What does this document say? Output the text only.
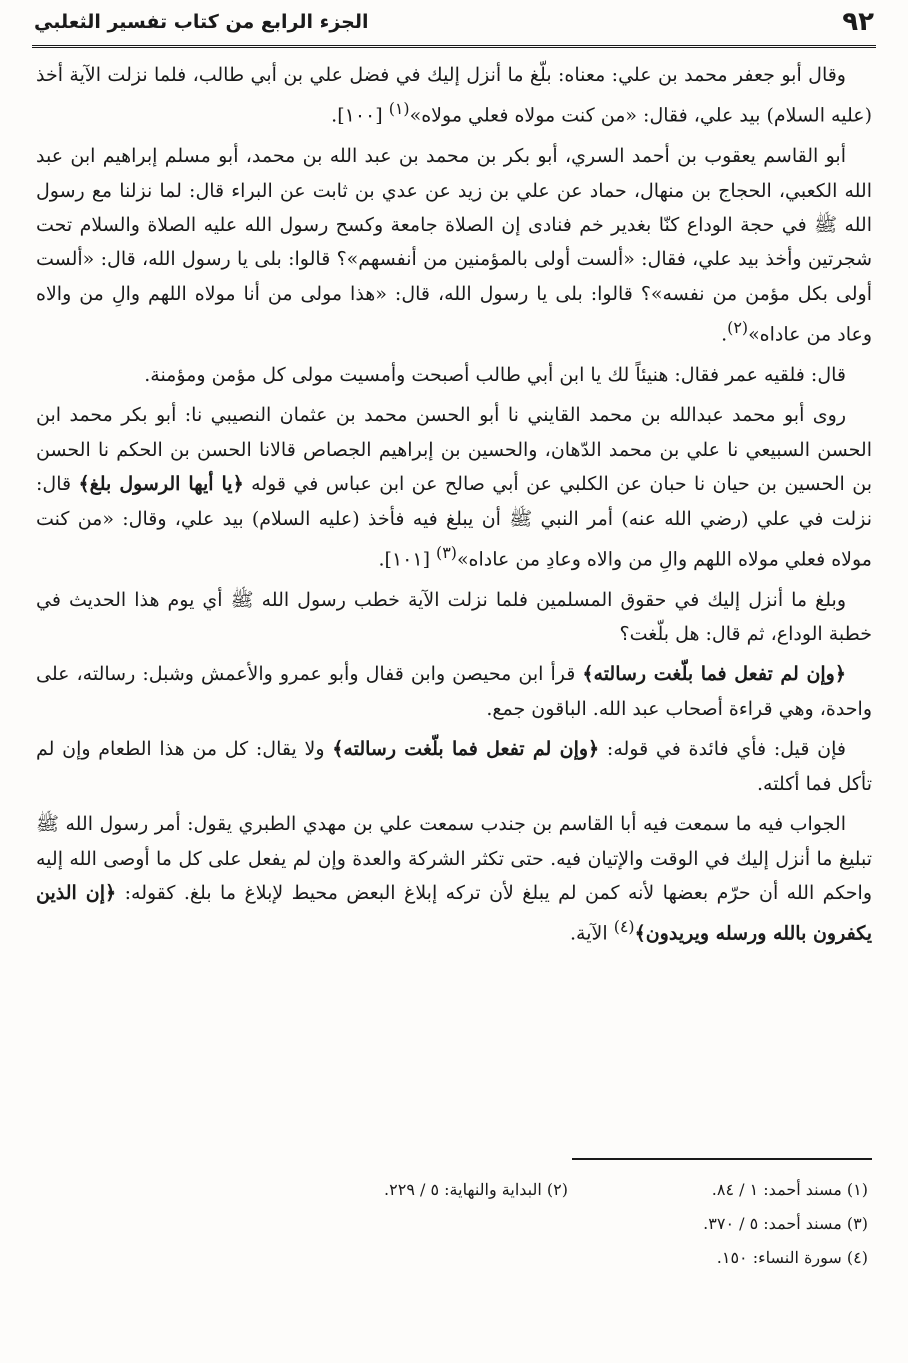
٩٢
الجزء الرابع من كتاب تفسير الثعلبي

وقال أبو جعفر محمد بن علي: معناه: بلّغ ما أنزل إليك في فضل علي بن أبي طالب، فلما نزلت الآية أخذ (عليه السلام) بيد علي، فقال: «من كنت مولاه فعلي مولاه»$^{(١)}$ [١٠٠].

أبو القاسم يعقوب بن أحمد السري، أبو بكر بن محمد بن عبد الله بن محمد، أبو مسلم إبراهيم ابن عبد الله الكعبي، الحجاج بن منهال، حماد عن علي بن زيد عن عدي بن ثابت عن البراء قال: لما نزلنا مع رسول الله ﷺ في حجة الوداع كنّا بغدير خم فنادى إن الصلاة جامعة وكسح رسول الله عليه الصلاة والسلام تحت شجرتين وأخذ بيد علي، فقال: «ألست أولى بالمؤمنين من أنفسهم»؟ قالوا: بلى يا رسول الله، قال: «ألست أولى بكل مؤمن من نفسه»؟ قالوا: بلى يا رسول الله، قال: «هذا مولى من أنا مولاه اللهم والِ من والاه وعاد من عاداه»$^{(٢)}$.

قال: فلقيه عمر فقال: هنيئاً لك يا ابن أبي طالب أصبحت وأمسيت مولى كل مؤمن ومؤمنة.

روى أبو محمد عبدالله بن محمد القايني نا أبو الحسن محمد بن عثمان النصيبي نا: أبو بكر محمد ابن الحسن السبيعي نا علي بن محمد الدّهان، والحسين بن إبراهيم الجصاص قالانا الحسن بن الحكم نا الحسن بن الحسين بن حيان نا حبان عن الكلبي عن أبي صالح عن ابن عباس في قوله ﴿يا أيها الرسول بلغ﴾ قال: نزلت في علي (رضي الله عنه) أمر النبي ﷺ أن يبلغ فيه فأخذ (عليه السلام) بيد علي، وقال: «من كنت مولاه فعلي مولاه اللهم والِ من والاه وعادِ من عاداه»$^{(٣)}$ [١٠١].

وبلغ ما أنزل إليك في حقوق المسلمين فلما نزلت الآية خطب رسول الله ﷺ أي يوم هذا الحديث في خطبة الوداع، ثم قال: هل بلّغت؟

﴿وإن لم تفعل فما بلّغت رسالته﴾ قرأ ابن محيصن وابن قفال وأبو عمرو والأعمش وشبل: رسالته، على واحدة، وهي قراءة أصحاب عبد الله. الباقون جمع.

فإن قيل: فأي فائدة في قوله: ﴿وإن لم تفعل فما بلّغت رسالته﴾ ولا يقال: كل من هذا الطعام وإن لم تأكل فما أكلته.

الجواب فيه ما سمعت فيه أبا القاسم بن جندب سمعت علي بن مهدي الطبري يقول: أمر رسول الله ﷺ تبليغ ما أنزل إليك في الوقت والإتيان فيه. حتى تكثر الشركة والعدة وإن لم يفعل على كل ما أوصى الله إليه واحكم الله أن حرّم بعضها لأنه كمن لم يبلغ لأن تركه إبلاغ البعض محيط لإبلاغ ما بلغ. كقوله: ﴿إن الذين يكفرون بالله ورسله ويريدون﴾$^{(٤)}$ الآية.

(١) مسند أحمد: ١ / ٨٤.
(٢) البداية والنهاية: ٥ / ٢٢٩.
(٣) مسند أحمد: ٥ / ٣٧٠.
(٤) سورة النساء: ١٥٠.
